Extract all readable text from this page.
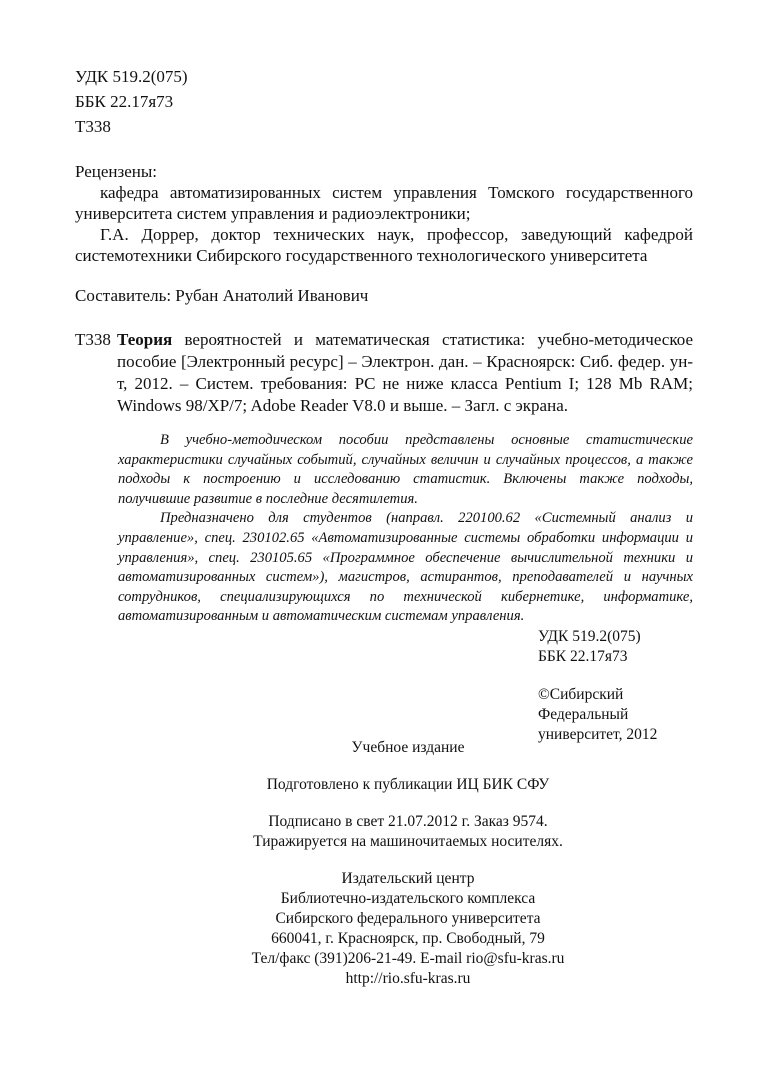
УДК 519.2(075)
ББК 22.17я73
Т338
Рецензены:
кафедра автоматизированных систем управления Томского государственного университета систем управления и радиоэлектроники;
Г.А. Доррер, доктор технических наук, профессор, заведующий кафедрой системотехники Сибирского государственного технологического университета
Составитель: Рубан Анатолий Иванович
Т338 Теория вероятностей и математическая статистика: учебно-методическое пособие [Электронный ресурс] – Электрон. дан. – Красноярск: Сиб. федер. ун-т, 2012. – Систем. требования: PC не ниже класса Pentium I; 128 Mb RAM; Windows 98/XP/7; Adobe Reader V8.0 и выше. – Загл. с экрана.

В учебно-методическом пособии представлены основные статистические характеристики случайных событий, случайных величин и случайных процессов, а также подходы к построению и исследованию статистик. Включены также подходы, получившие развитие в последние десятилетия.

Предназначено для студентов (направл. 220100.62 «Системный анализ и управление», спец. 230102.65 «Автоматизированные системы обработки информации и управления», спец. 230105.65 «Программное обеспечение вычислительной техники и автоматизированных систем»), магистров, астирантов, преподавателей и научных сотрудников, специализирующихся по технической кибернетике, информатике, автоматизированным и автоматическим системам управления.

УДК 519.2(075)
ББК 22.17я73
©Сибирский
Федеральный
университет, 2012

Учебное издание

Подготовлено к публикации ИЦ БИК СФУ

Подписано в свет 21.07.2012 г. Заказ 9574.
Тиражируется на машиночитаемых носителях.

Издательский центр
Библиотечно-издательского комплекса
Сибирского федерального университета
660041, г. Красноярск, пр. Свободный, 79
Тел/факс (391)206-21-49. E-mail rio@sfu-kras.ru
http://rio.sfu-kras.ru
